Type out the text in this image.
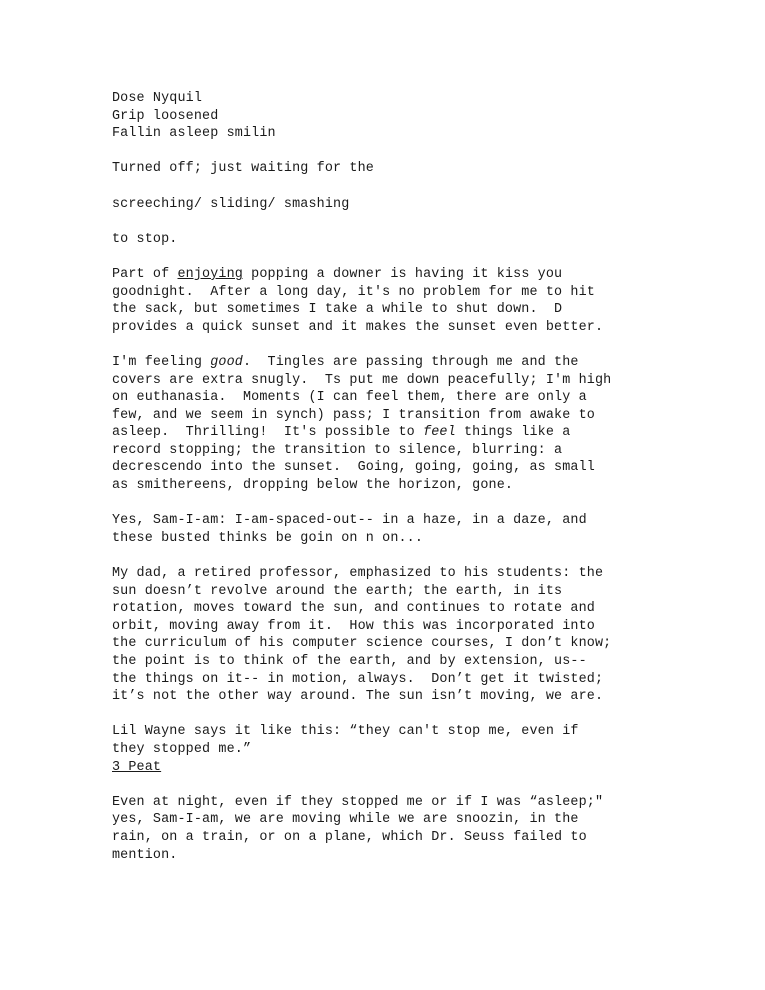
Dose Nyquil
Grip loosened
Fallin asleep smilin
Turned off; just waiting for the
screeching/ sliding/ smashing
to stop.
Part of enjoying popping a downer is having it kiss you
goodnight.  After a long day, it's no problem for me to hit
the sack, but sometimes I take a while to shut down.  D
provides a quick sunset and it makes the sunset even better.
I'm feeling good.  Tingles are passing through me and the
covers are extra snugly.  Ts put me down peacefully; I'm high
on euthanasia.  Moments (I can feel them, there are only a
few, and we seem in synch) pass; I transition from awake to
asleep.  Thrilling!  It's possible to feel things like a
record stopping; the transition to silence, blurring: a
decrescendo into the sunset.  Going, going, going, as small
as smithereens, dropping below the horizon, gone.
Yes, Sam-I-am: I-am-spaced-out-- in a haze, in a daze, and
these busted thinks be goin on n on...
My dad, a retired professor, emphasized to his students: the
sun doesn’t revolve around the earth; the earth, in its
rotation, moves toward the sun, and continues to rotate and
orbit, moving away from it.  How this was incorporated into
the curriculum of his computer science courses, I don’t know;
the point is to think of the earth, and by extension, us--
the things on it-- in motion, always.  Don’t get it twisted;
it’s not the other way around. The sun isn’t moving, we are.
Lil Wayne says it like this: “they can't stop me, even if
they stopped me.”
3 Peat
Even at night, even if they stopped me or if I was “asleep;"
yes, Sam-I-am, we are moving while we are snoozin, in the
rain, on a train, or on a plane, which Dr. Seuss failed to
mention.
